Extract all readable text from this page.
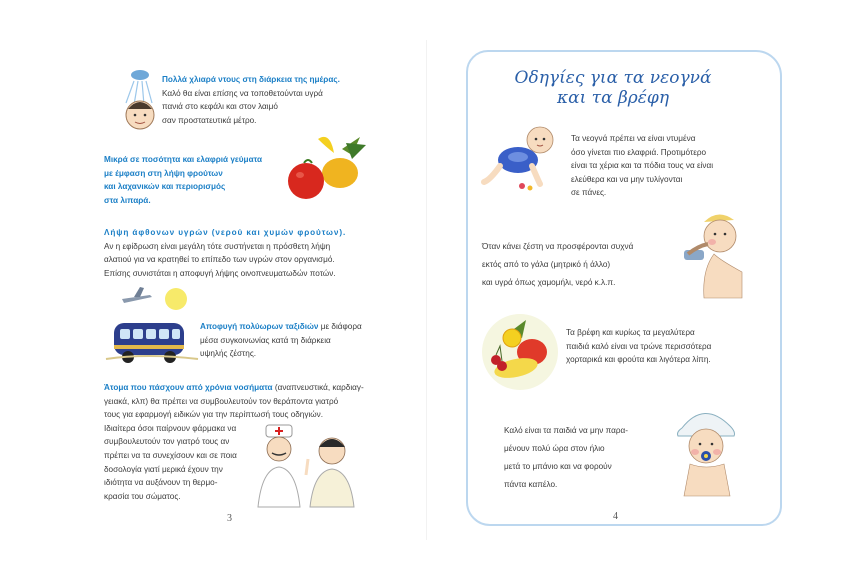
Πολλά χλιαρά ντους στη διάρκεια της ημέρας.
Καλό θα είναι επίσης να τοποθετούνται υγρά
πανιά στο κεφάλι και στον λαιμό
σαν προστατευτικά μέτρο.
Μικρά σε ποσότητα και ελαφριά γεύματα
με έμφαση στη λήψη φρούτων
και λαχανικών και περιορισμός
στα λιπαρά.
Λήψη άφθονων υγρών (νερού και χυμών φρούτων).
Αν η εφίδρωση είναι μεγάλη τότε συστήνεται η πρόσθετη λήψη
αλατιού για να κρατηθεί το επίπεδο των υγρών στον οργανισμό.
Επίσης συνιστάται η αποφυγή λήψης οινοπνευματωδών ποτών.
Αποφυγή πολύωρων ταξιδιών με διάφορα
μέσα συγκοινωνίας κατά τη διάρκεια
υψηλής ζέστης.
Άτομα που πάσχουν από χρόνια νοσήματα (αναπνευστικά, καρδιαγ-
γειακά, κλπ) θα πρέπει να συμβουλευτούν τον θεράποντα γιατρό
τους για εφαρμογή ειδικών για την περίπτωσή τους οδηγιών.
Ιδιαίτερα όσοι παίρνουν φάρμακα να
συμβουλευτούν τον γιατρό τους αν
πρέπει να τα συνεχίσουν και σε ποια
δοσολογία γιατί μερικά έχουν την
ιδιότητα να αυξάνουν τη θερμο-
κρασία του σώματος.
3
Οδηγίες για τα νεογνά
και τα βρέφη
Τα νεογνά πρέπει να είναι ντυμένα
όσο γίνεται πιο ελαφριά. Προτιμότερο
είναι τα χέρια και τα πόδια τους να είναι
ελεύθερα και να μην τυλίγονται
σε πάνες.
Όταν κάνει ζέστη να προσφέρονται συχνά
εκτός από το γάλα (μητρικό ή άλλο)
και υγρά όπως χαμομήλι, νερό κ.λ.π.
Τα βρέφη και κυρίως τα μεγαλύτερα
παιδιά καλό είναι να τρώνε περισσότερα
χορταρικά και φρούτα και λιγότερα λίπη.
Καλό είναι τα παιδιά να μην παρα-
μένουν πολύ ώρα στον ήλιο
μετά το μπάνιο και να φορούν
πάντα καπέλο.
4
